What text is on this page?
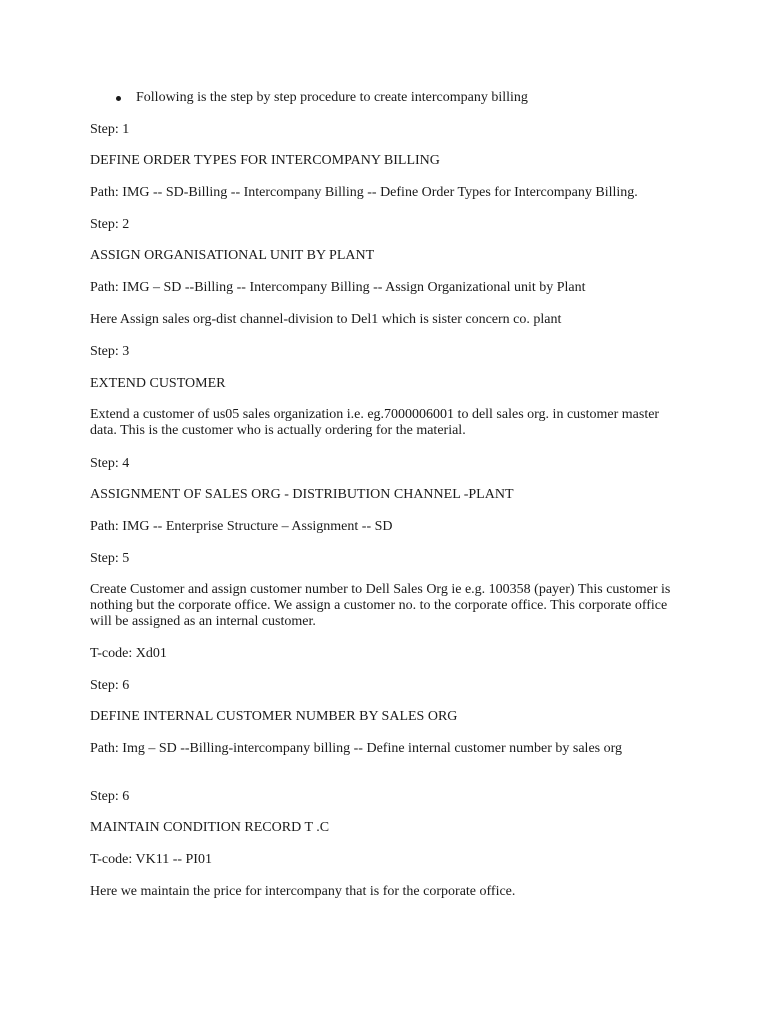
Following is the step by step procedure to create intercompany billing

Step: 1

DEFINE ORDER TYPES FOR INTERCOMPANY BILLING

Path: IMG -- SD-Billing -- Intercompany Billing -- Define Order Types for Intercompany Billing.

Step: 2

ASSIGN ORGANISATIONAL UNIT BY PLANT

Path: IMG – SD --Billing -- Intercompany Billing -- Assign Organizational unit by Plant

Here Assign sales org-dist channel-division to Del1 which is sister concern co. plant

Step: 3

EXTEND CUSTOMER

Extend a customer of us05 sales organization i.e. eg.7000006001 to dell sales org. in customer master data. This is the customer who is actually ordering for the material.

Step: 4

ASSIGNMENT OF SALES ORG - DISTRIBUTION CHANNEL -PLANT

Path: IMG -- Enterprise Structure – Assignment -- SD

Step: 5

Create Customer and assign customer number to Dell Sales Org ie e.g. 100358 (payer) This customer is nothing but the corporate office. We assign a customer no. to the corporate office. This corporate office will be assigned as an internal customer.

T-code: Xd01

Step: 6

DEFINE INTERNAL CUSTOMER NUMBER BY SALES ORG

Path: Img – SD --Billing-intercompany billing -- Define internal customer number by sales org

Step: 6

MAINTAIN CONDITION RECORD T .C

T-code: VK11 -- PI01

Here we maintain the price for intercompany that is for the corporate office.
